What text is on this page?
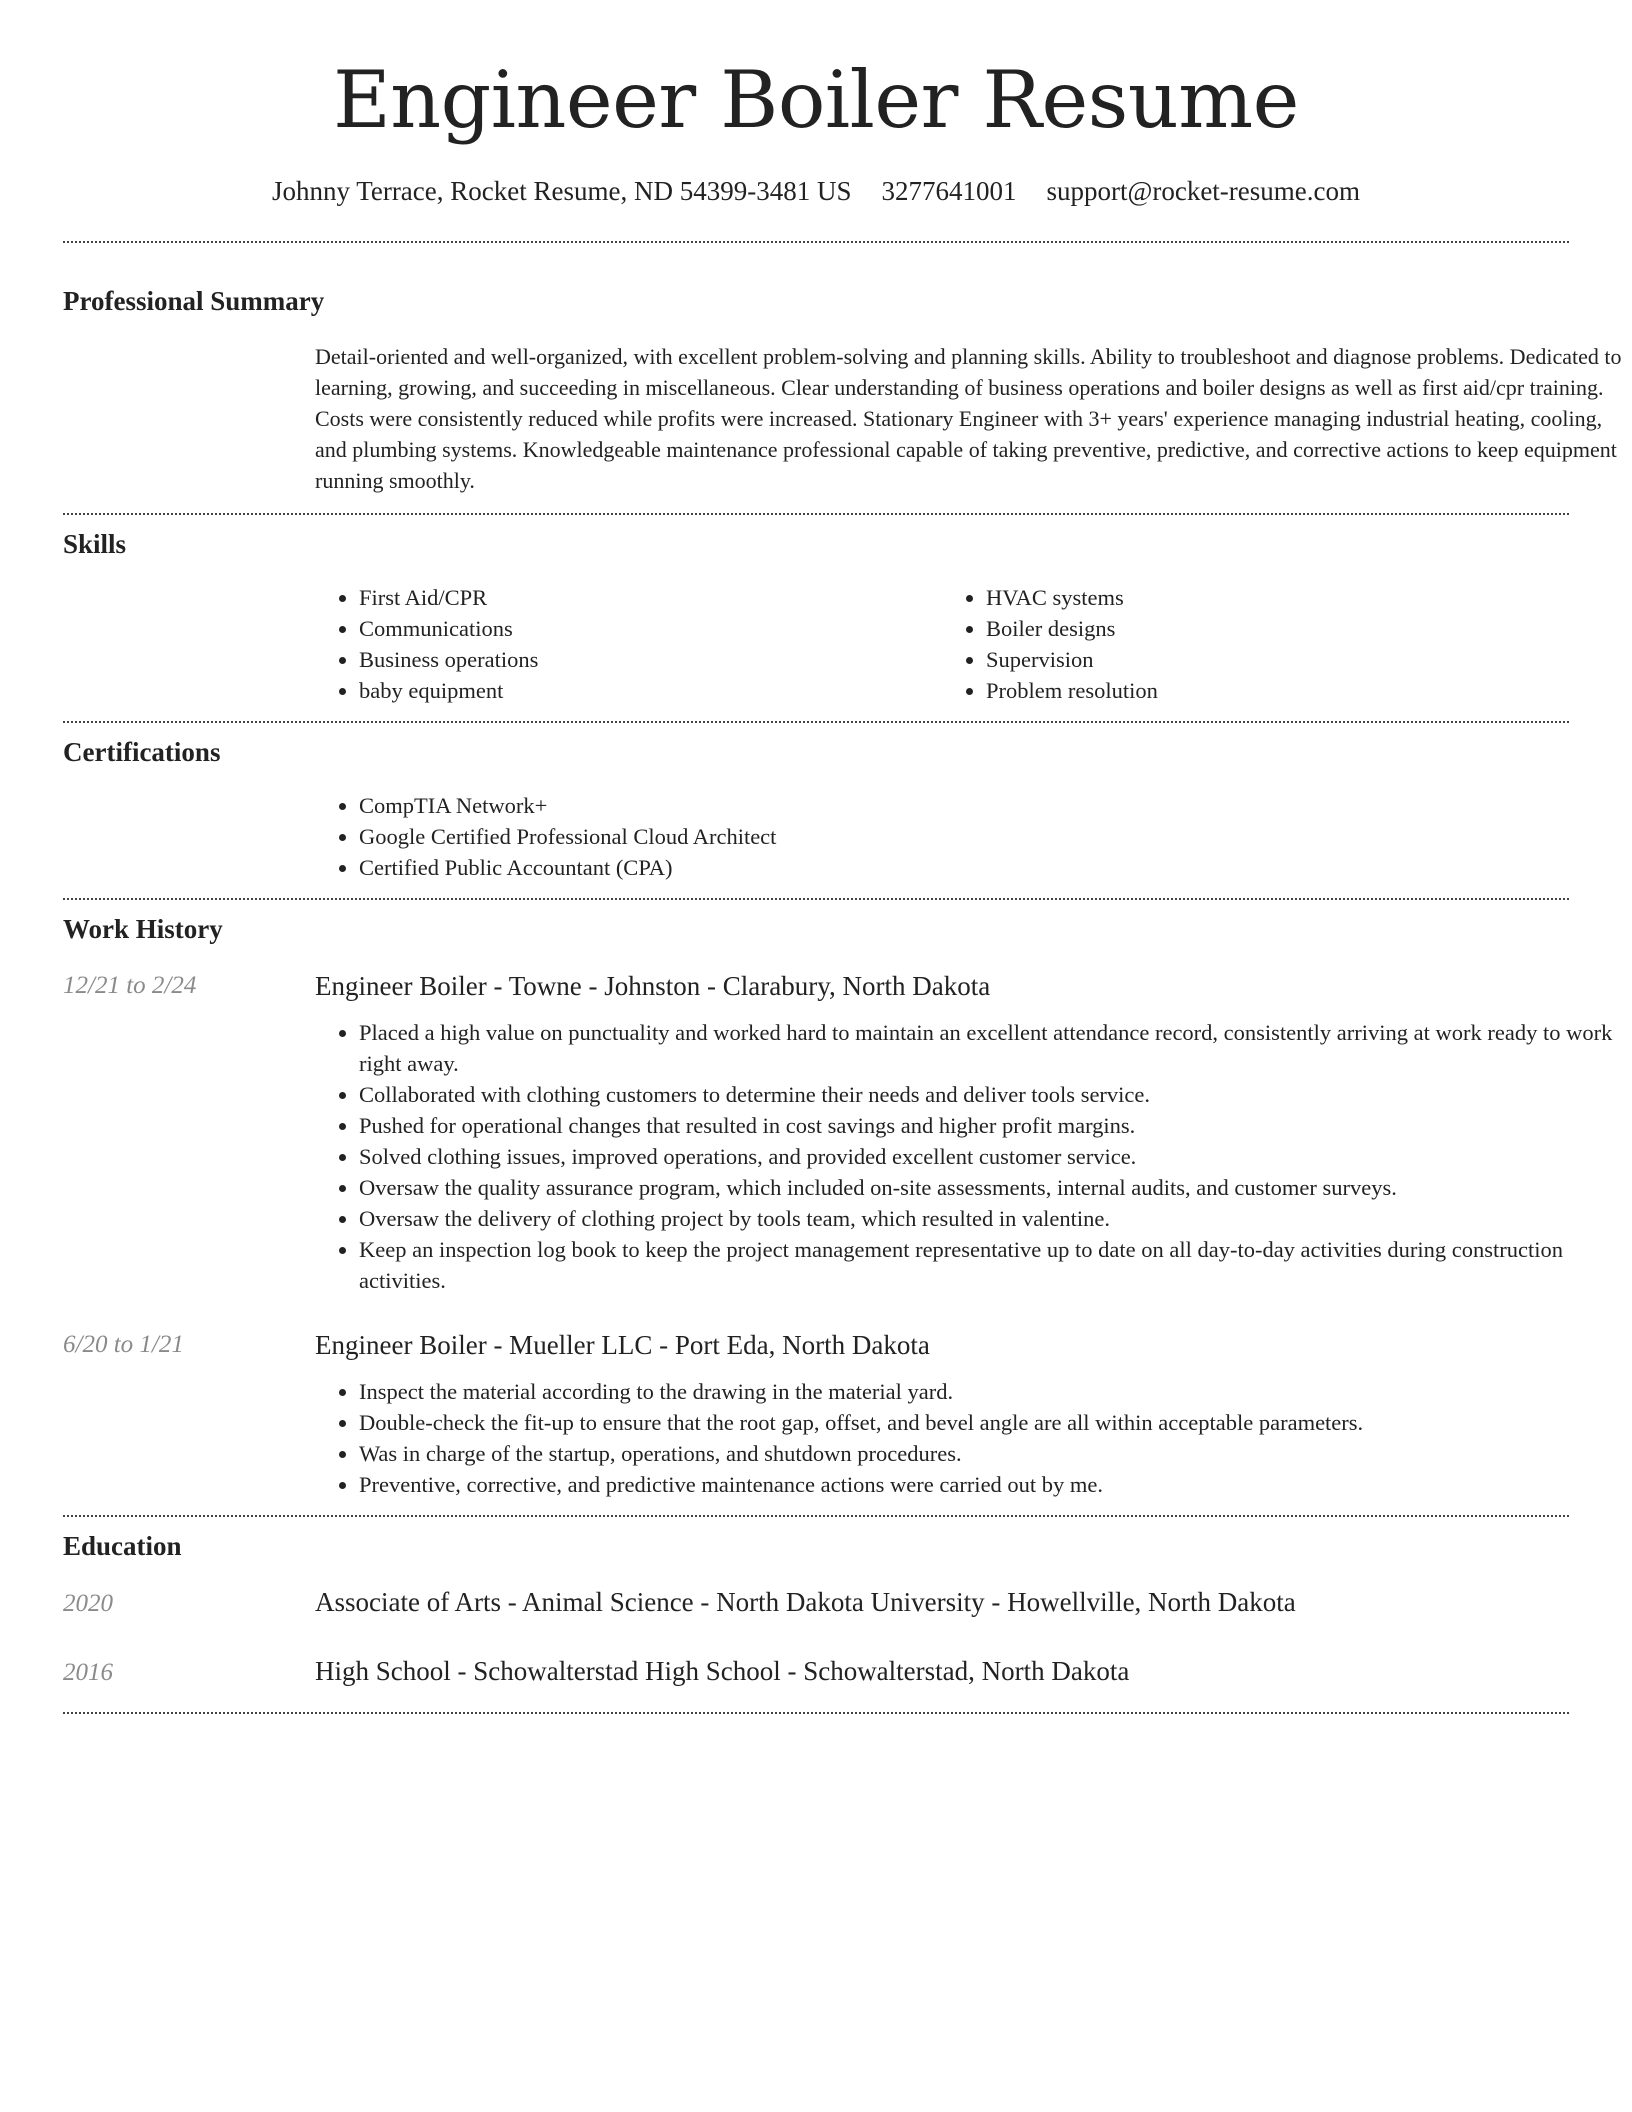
Engineer Boiler Resume
Johnny Terrace, Rocket Resume, ND 54399-3481 US 3277641001 support@rocket-resume.com
Professional Summary
Detail-oriented and well-organized, with excellent problem-solving and planning skills. Ability to troubleshoot and diagnose problems. Dedicated to learning, growing, and succeeding in miscellaneous. Clear understanding of business operations and boiler designs as well as first aid/cpr training. Costs were consistently reduced while profits were increased. Stationary Engineer with 3+ years' experience managing industrial heating, cooling, and plumbing systems. Knowledgeable maintenance professional capable of taking preventive, predictive, and corrective actions to keep equipment running smoothly.
Skills
• First Aid/CPR
• Communications
• Business operations
• baby equipment
• HVAC systems
• Boiler designs
• Supervision
• Problem resolution
Certifications
• CompTIA Network+
• Google Certified Professional Cloud Architect
• Certified Public Accountant (CPA)
Work History
12/21 to 2/24	Engineer Boiler - Towne - Johnston - Clarabury, North Dakota
• Placed a high value on punctuality and worked hard to maintain an excellent attendance record, consistently arriving at work ready to work right away.
• Collaborated with clothing customers to determine their needs and deliver tools service.
• Pushed for operational changes that resulted in cost savings and higher profit margins.
• Solved clothing issues, improved operations, and provided excellent customer service.
• Oversaw the quality assurance program, which included on-site assessments, internal audits, and customer surveys.
• Oversaw the delivery of clothing project by tools team, which resulted in valentine.
• Keep an inspection log book to keep the project management representative up to date on all day-to-day activities during construction activities.
6/20 to 1/21	Engineer Boiler - Mueller LLC - Port Eda, North Dakota
• Inspect the material according to the drawing in the material yard.
• Double-check the fit-up to ensure that the root gap, offset, and bevel angle are all within acceptable parameters.
• Was in charge of the startup, operations, and shutdown procedures.
• Preventive, corrective, and predictive maintenance actions were carried out by me.
Education
2020	Associate of Arts - Animal Science - North Dakota University - Howellville, North Dakota
2016	High School - Schowalterstad High School - Schowalterstad, North Dakota
